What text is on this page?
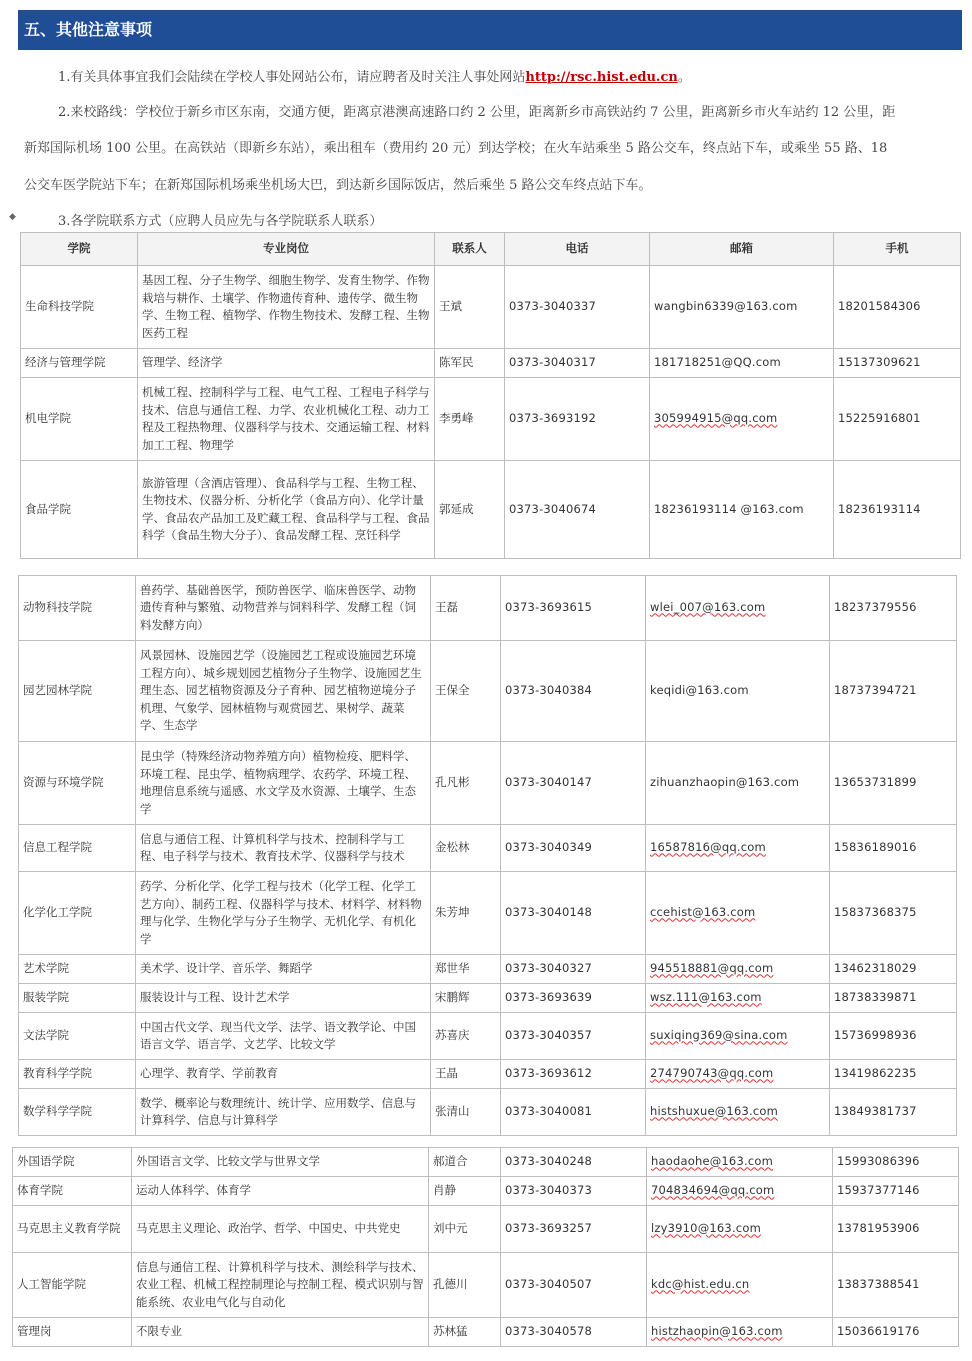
五、其他注意事项
1.有关具体事宜我们会陆续在学校人事处网站公布，请应聘者及时关注人事处网站http://rsc.hist.edu.cn。
2.来校路线：学校位于新乡市区东南，交通方便，距离京港澳高速路口约 2 公里，距离新乡市高铁站约 7 公里，距离新乡市火车站约 12 公里，距
新郑国际机场 100 公里。在高铁站（即新乡东站），乘出租车（费用约 20 元）到达学校；在火车站乘坐 5 路公交车，终点站下车，或乘坐 55 路、18
公交车医学院站下车；在新郑国际机场乘坐机场大巴，到达新乡国际饭店，然后乘坐 5 路公交车终点站下车。
◆	3.各学院联系方式（应聘人员应先与各学院联系人联系）
学院	专业岗位	联系人	电话	邮箱	手机
生命科技学院	基因工程、分子生物学、细胞生物学、发育生物学、作物栽培与耕作、土壤学、作物遗传育种、遗传学、微生物学、生物工程、植物学、作物生物技术、发酵工程、生物医药工程	王斌	0373-3040337	wangbin6339@163.com	18201584306
经济与管理学院	管理学、经济学	陈军民	0373-3040317	181718251@QQ.com	15137309621
机电学院	机械工程、控制科学与工程、电气工程、工程电子科学与技术、信息与通信工程、力学、农业机械化工程、动力工程及工程热物理、仪器科学与技术、交通运输工程、材料加工工程、物理学	李勇峰	0373-3693192	305994915@qq.com	15225916801
食品学院	旅游管理（含酒店管理）、食品科学与工程、生物工程、生物技术、仪器分析、分析化学（食品方向）、化学计量学、食品农产品加工及贮藏工程、食品科学与工程、食品科学（食品生物大分子）、食品发酵工程、烹饪科学	郭延成	0373-3040674	18236193114 @163.com	18236193114
动物科技学院	兽药学、基础兽医学，预防兽医学、临床兽医学、动物遗传育种与繁殖、动物营养与饲料科学、发酵工程（饲料发酵方向）	王磊	0373-3693615	wlei_007@163.com	18237379556
园艺园林学院	风景园林、设施园艺学（设施园艺工程或设施园艺环境工程方向）、城乡规划园艺植物分子生物学、设施园艺生理生态、园艺植物资源及分子育种、园艺植物逆境分子机理、气象学、园林植物与观赏园艺、果树学、蔬菜学、生态学	王保全	0373-3040384	keqidi@163.com	18737394721
资源与环境学院	昆虫学（特殊经济动物养殖方向）植物检疫、肥料学、环境工程、昆虫学、植物病理学、农药学、环境工程、地理信息系统与遥感、水文学及水资源、土壤学、生态学	孔凡彬	0373-3040147	zihuanzhaopin@163.com	13653731899
信息工程学院	信息与通信工程、计算机科学与技术、控制科学与工程、电子科学与技术、教育技术学、仪器科学与技术	金松林	0373-3040349	16587816@qq.com	15836189016
化学化工学院	药学、分析化学、化学工程与技术（化学工程、化学工艺方向）、制药工程、仪器科学与技术、材料学、材料物理与化学、生物化学与分子生物学、无机化学、有机化学	朱芳坤	0373-3040148	ccehist@163.com	15837368375
艺术学院	美术学、设计学、音乐学、舞蹈学	郑世华	0373-3040327	945518881@qq.com	13462318029
服装学院	服装设计与工程、设计艺术学	宋鹏辉	0373-3693639	wsz.111@163.com	18738339871
文法学院	中国古代文学、现当代文学、法学、语文教学论、中国语言文学、语言学、文艺学、比较文学	苏喜庆	0373-3040357	suxiqing369@sina.com	15736998936
教育科学学院	心理学、教育学、学前教育	王晶	0373-3693612	274790743@qq.com	13419862235
数学科学学院	数学、概率论与数理统计、统计学、应用数学、信息与计算科学、信息与计算科学	张清山	0373-3040081	histshuxue@163.com	13849381737
外国语学院	外国语言文学、比较文学与世界文学	郝道合	0373-3040248	haodaohe@163.com	15993086396
体育学院	运动人体科学、体育学	肖静	0373-3040373	704834694@qq.com	15937377146
马克思主义教育学院	马克思主义理论、政治学、哲学、中国史、中共党史	刘中元	0373-3693257	lzy3910@163.com	13781953906
人工智能学院	信息与通信工程、计算机科学与技术、测绘科学与技术、农业工程、机械工程控制理论与控制工程、模式识别与智能系统、农业电气化与自动化	孔德川	0373-3040507	kdc@hist.edu.cn	13837388541
管理岗	不限专业	苏林猛	0373-3040578	histzhaopin@163.com	15036619176
